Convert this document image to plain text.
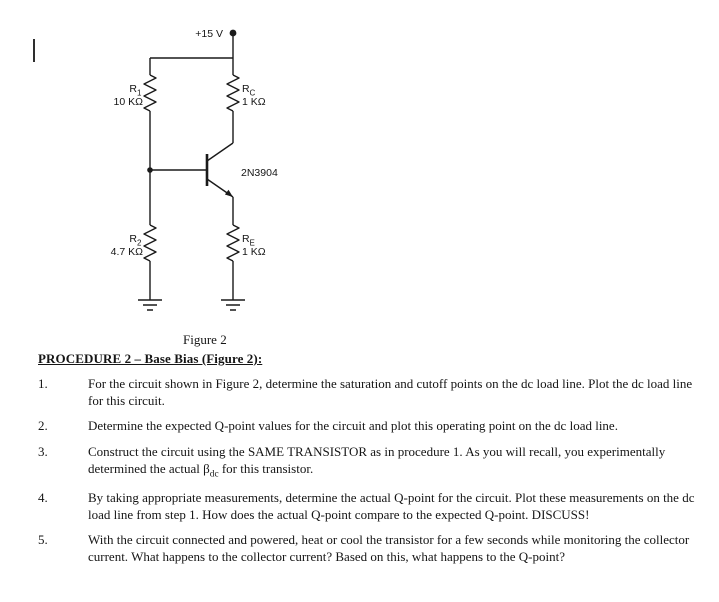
+15 V
R 1
10 KΩ
R C
1 KΩ
2N3904
R 2
4.7 KΩ
R E
1 KΩ
Figure 2
PROCEDURE 2 – Base Bias (Figure 2):
1.	For the circuit shown in Figure 2, determine the saturation and cutoff points on the dc load line. Plot the dc load line for this circuit.
2.	Determine the expected Q-point values for the circuit and plot this operating point on the dc load line.
3.	Construct the circuit using the SAME TRANSISTOR as in procedure 1. As you will recall, you experimentally determined the actual $\beta_{dc}$ for this transistor.
4.	By taking appropriate measurements, determine the actual Q-point for the circuit. Plot these measurements on the dc load line from step 1. How does the actual Q-point compare to the expected Q-point. DISCUSS!
5.	With the circuit connected and powered, heat or cool the transistor for a few seconds while monitoring the collector current. What happens to the collector current? Based on this, what happens to the Q-point?
